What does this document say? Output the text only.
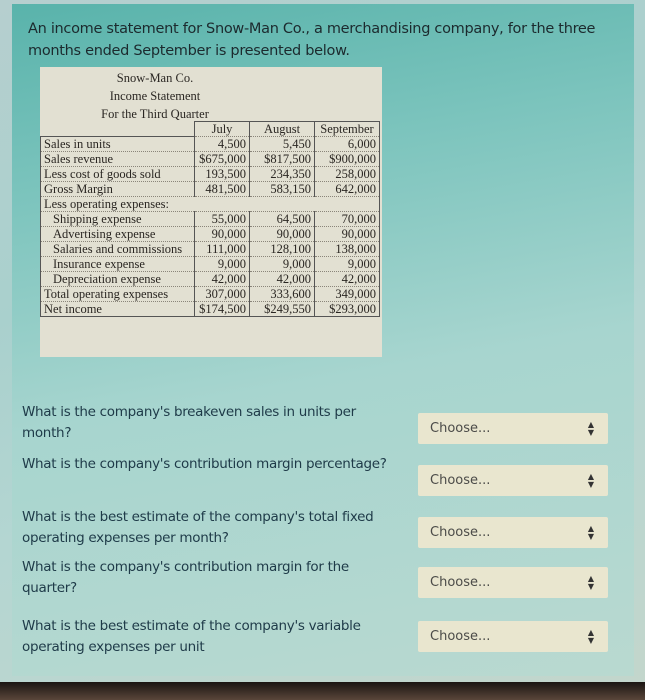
An income statement for Snow-Man Co., a merchandising company, for the three months ended September is presented below.
Snow-Man Co.
Income Statement
For the Third Quarter
	July	August	September
Sales in units	4,500	5,450	6,000
Sales revenue	$675,000	$817,500	$900,000
Less cost of goods sold	193,500	234,350	258,000
Gross Margin	481,500	583,150	642,000
Less operating expenses:			
Shipping expense	55,000	64,500	70,000
Advertising expense	90,000	90,000	90,000
Salaries and commissions	111,000	128,100	138,000
Insurance expense	9,000	9,000	9,000
Depreciation expense	42,000	42,000	42,000
Total operating expenses	307,000	333,600	349,000
Net income	$174,500	$249,550	$293,000
What is the company's breakeven sales in units per month?	Choose...	▲
▼
What is the company's contribution margin percentage?
Choose...	▲
▼
What is the best estimate of the company's total fixed operating expenses per month?	Choose...	▲
▼
What is the company's contribution margin for the quarter?	Choose...	▲
▼
What is the best estimate of the company's variable operating expenses per unit
Choose...	▲
▼
